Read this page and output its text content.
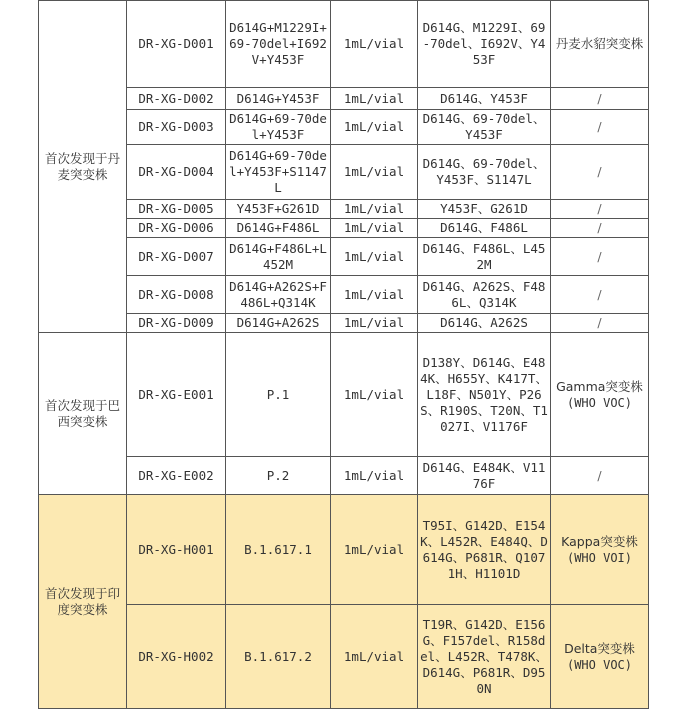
首次发现于丹麦突变株	DR-XG-D001	D614G+M1229I+69-70del+I692V+Y453F	1mL/vial	D614G、M1229I、69-70del、I692V、Y453F	丹麦水貂突变株
	DR-XG-D002	D614G+Y453F	1mL/vial	D614G、Y453F	/
	DR-XG-D003	D614G+69-70del+Y453F	1mL/vial	D614G、69-70del、Y453F	/
	DR-XG-D004	D614G+69-70del+Y453F+S1147L	1mL/vial	D614G、69-70del、Y453F、S1147L	/
	DR-XG-D005	Y453F+G261D	1mL/vial	Y453F、G261D	/
	DR-XG-D006	D614G+F486L	1mL/vial	D614G、F486L	/
	DR-XG-D007	D614G+F486L+L452M	1mL/vial	D614G、F486L、L452M	/
	DR-XG-D008	D614G+A262S+F486L+Q314K	1mL/vial	D614G、A262S、F486L、Q314K	/
	DR-XG-D009	D614G+A262S	1mL/vial	D614G、A262S	/
首次发现于巴西突变株	DR-XG-E001	P.1	1mL/vial	D138Y、D614G、E484K、H655Y、K417T、L18F、N501Y、P26S、R190S、T20N、T1027I、V1176F	Gamma突变株
(WHO VOC)

	DR-XG-E002	P.2	1mL/vial	D614G、E484K、V1176F	/
首次发现于印度突变株	DR-XG-H001	B.1.617.1	1mL/vial	T95I、G142D、E154K、L452R、E484Q、D614G、P681R、Q1071H、H1101D	Kappa突变株
(WHO VOI)

	DR-XG-H002	B.1.617.2	1mL/vial	T19R、G142D、E156G、F157del、R158del、L452R、T478K、D614G、P681R、D950N	Delta突变株
(WHO VOC)
